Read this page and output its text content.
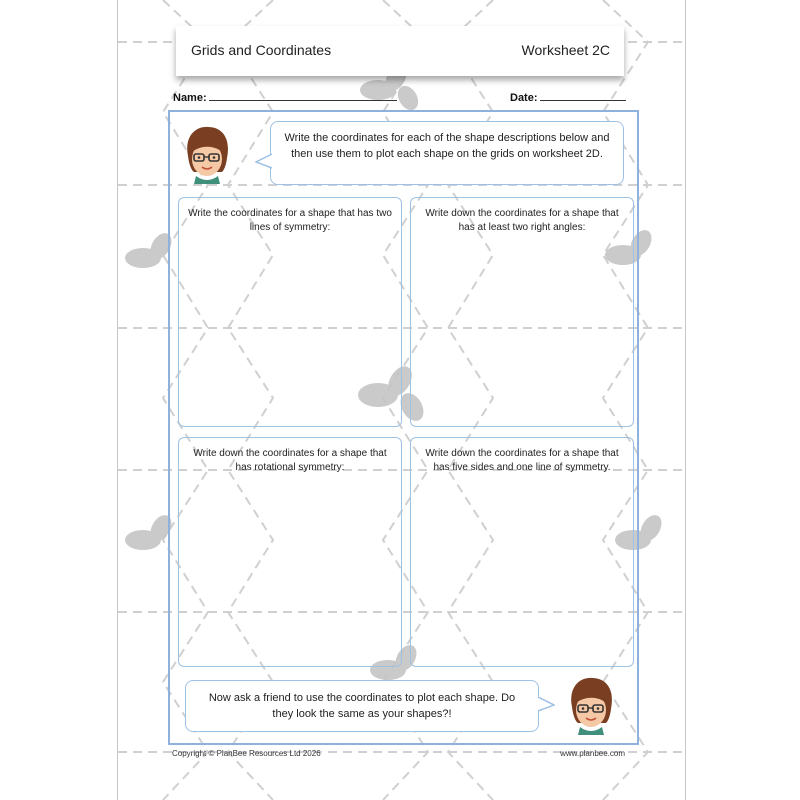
Grids and Coordinates	Worksheet 2C
Name:	Date:
Write the coordinates for each of the shape descriptions below and then use them to plot each shape on the grids on worksheet 2D.
Write the coordinates for a shape that has two lines of symmetry:
Write down the coordinates for a shape that has at least two right angles:
Write down the coordinates for a shape that has rotational symmetry:
Write down the coordinates for a shape that has five sides and one line of symmetry.
Now ask a friend to use the coordinates to plot each shape. Do they look the same as your shapes?!
Copyright © PlanBee Resources Ltd 2026	www.planbee.com
